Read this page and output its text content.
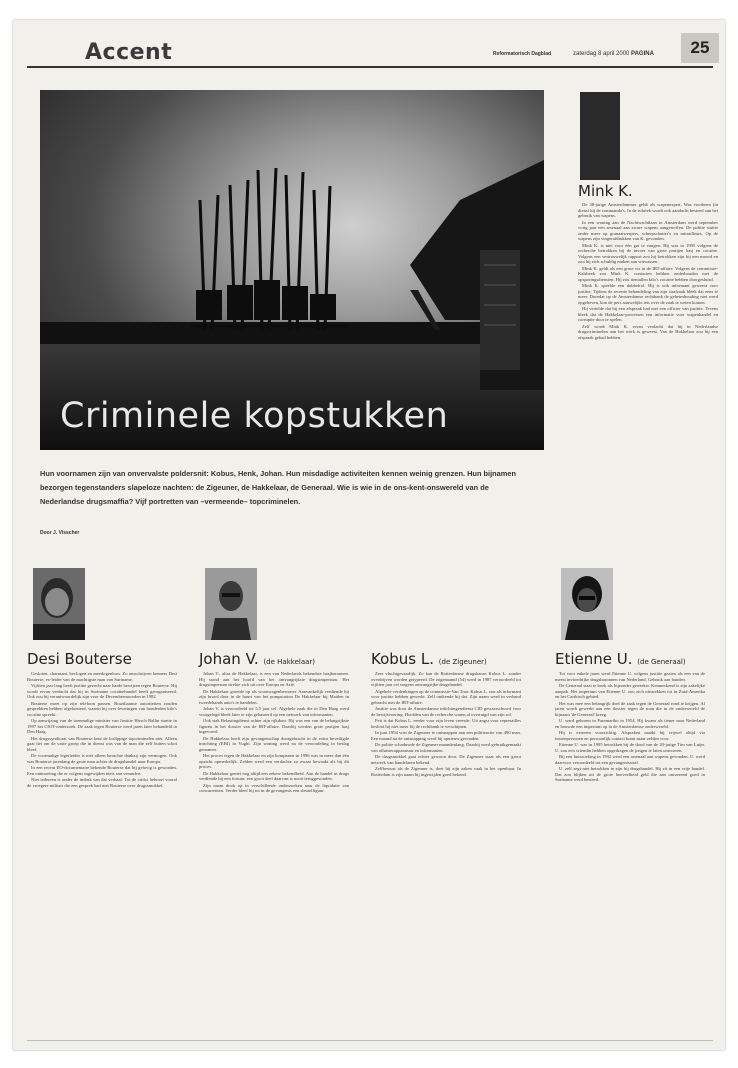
Accent	Reformatorisch Dagblad	zaterdag 8 april 2000 PAGINA	25
Criminele kopstukken
Mink K.

De 38-jarige Amsterdammer geldt als wapenexpert. Was voorheen (in dienst bij de commando's. In de rubriek wordt ook aandacht besteed aan het gebruik van wapens.

In een woning aan de Nachtwachtlaan in Amsterdam werd september vorig jaar een arsenaal aan zware wapens aangetroffen. De politie stuitte onder meer op granaatwerpers, scherpschutter's en mitrailleurs. Op de wapens zijn vingerafdrukken van K. gevonden.

Mink K. is niet voor één gat te vangen. Hij was in 1995 volgens de recherche betrokken bij de invoer van grote partijen hasj en cocaïne. Volgens een vertrouwelijk rapport zou hij betrokken zijn bij een moord en zou hij zich schuldig maken aan witwassen.

Mink K. geldt als een grote vis in de IRT-affaire. Volgens de commissie-Kalsbeek zou Mink K. contacten hebben onderhouden met de opsporingsdiensten. Hij zou tientallen kilo's cocaïne hebben doorgesluisd.

Mink K. speelde een dubbelrol. Hij is ook informant geweest voor justitie. Tijdens de recente behandeling van zijn strafzaak bleek dat eens te meer. Doordat op de Amsterdamse rechtbank de geheimhouding niet werd opgeheven, kon de pers nauwelijks iets over de zaak te weten komen.

Hij vertelde dat hij een afspraak had met een officier van justitie. Tevens bleek dat de Hakkelaar-processen een informatie voor wapenhandel en corruptie door te spelen.

Zelf wordt Mink K. ervan verdacht dat hij in Nederlandse drugscriminelen aan het werk is geweest. Van de Hakkelaar zou hij een afspraak gehad hebben.

Hun voornamen zijn van onvervalste poldersnit: Kobus, Henk, Johan. Hun misdadige activiteiten kennen weinig grenzen. Hun bijnamen bezorgen tegenstanders slapeloze nachten: de Zigeuner, de Hakkelaar, de Generaal. Wie is wie in de ons-kent-onswereld van de Nederlandse drugsmaffia? Vijf portretten van –vermeende– topcriminelen.
Door J. Visscher
Desi Bouterse

Gesloten, charmant, bevlogen en meedogenloos. Zo omschrijven kenners Desi Bouterse, ex-leider van de machtigste man van Suriname.

Vijftien jaar lang heeft justitie gezocht naar harde bewijzen tegen Bouterse. Hij wordt ervan verdacht dat hij in Suriname cocaïnehandel heeft georganiseerd. Ook zou hij verantwoordelijk zijn voor de Decembermoorden in 1982.

Bouterse moet op zijn telefoon passen. Braziliaanse autoriteiten zouden gesprekken hebben afgeluisterd, waarin hij over leveringen van honderden kilo's cocaïne spreekt.

Op aanwijzing van de toenmalige minister van Justitie Hirsch Ballin startte in 1997 het CIOT-onderzoek. De zaak tegen Bouterse werd jaren later behandeld in Den Haag.

Het drugssyndicaat van Bouterse kent de loslippige topcriminelen niet. Alleen gaat het om de vaste groep die in dienst was van de man die zelf buiten schot bleef.

De voormalige legerleider is niet alleen beruchte dankzij zijn vermogen. Ook was Bouterse jarenlang de grote man achter de drugshandel naar Europa.

In een recent EO-documentaire bekende Bouterse dat hij gelovig is geworden. Een ontmoeting die er volgens ingewijden niets aan verandert.

Niet iedereen is onder de indruk van dat verhaal. Tot de critici behoort vooral de vroegere militair die een gesprek had met Bouterse over drugssmokkel.

Johan V. (de Hakkelaar)

Johan V., alias de Hakkelaar, is een van Nederlands bekendste hasjbaronnen. Hij stond aan het hoofd van het omvangrijkste drugsimperium. Het drugsimperium strekte zich uit over Europa en Azië.

De Hakkelaar groeide op als woonwagenbewoner. Aanvankelijk verdiende hij zijn brood door in de buurt van het pompstation De Hakkelaar bij Maiden in tweedehands auto's te handelen.

Johan V. is veroordeeld tot 5,5 jaar cel. Algehele zaak die in Den Haag werd voorgelegd bleek later te zijn gebaseerd op een netwerk van informanten.

Ook stak Belastingdienst achter zijn rijkdom. Hij was een van de belangrijkste figuren in het dossier van de IRT-affaire. Daarbij werden grote partijen hasj ingevoerd.

De Hakkelaar heeft zijn gevangenschap doorgebracht in de extra beveiligde inrichting (EBI) in Vught. Zijn woning werd na de veroordeling in beslag genomen.

Het proces tegen de Hakkelaar en zijn kompanen in 1996 was in meer dan één opzicht opmerkelijk. Zelden werd een verdachte zo zwaar bewaakt als bij dit proces.

De Hakkelaar geniet nog altijd een zekere bekendheid. Aan de handel in drugs verdiende hij een fortuin; een groot deel daarvan is nooit teruggevonden.

Zijn naam dook op in verschillende onderzoeken naar de liquidatie van concurrenten. Verder bleef hij tot in de gevangenis een sleutelfiguur.

Kobus L. (de Zigeuner)

Zeer vluchtgevaarlijk. Zo kan de Rotterdamse drugsbaron Kobus L. zonder overdrijven worden getypeerd. De zogenaamd (54) werd in 1987 veroordeeld tot vijftien jaar cel wegens omvangrijke drugshandel.

Algehele verdenkingen op de commissie-Van Traa: Kobus L. zou als informant voor justitie hebben gewerkt. Zelf ontkende hij dat. Zijn naam werd in verband gebracht met de IRT-affaire.

Justitie was door de Amsterdamse inlichtingendienst CID gewaarschuwd voor de bewijsvoering. Hoofden van de recherche waren al overtuigd van zijn rol.

Feit is dat Kobus L. eerder voor zijn leven vreesde. Uit angst voor represailles besloot hij niet meer bij de rechtbank te verschijnen.

In juni 1994 wist de Zigeuner te ontsnappen aan een politieactie van 490 man. Een maand na de ontsnapping werd hij opnieuw gevonden.

De politie schaduwde de Zigeuner maandenlang. Daarbij werd gebruikgemaakt van afluisterapparatuur en informanten.

De drugsmokkel gaat echter gewoon door. De Zigeuner staat als een groot netwerk van handelaren bekend.

Zelfbewust als de Zigeuner is, doet hij zijn zaken vaak in het openbaar. In Rotterdam is zijn naam bij ingewijden goed bekend.

Etienne U. (de Generaal)

Tot voor enkele jaren werd Etienne U. volgens justitie gezien als een van de meest invloedrijke drugsbaronnen van Nederland. Gebruik aan banden.

De Generaal staat te boek als bijzonder gewiekst. Kenmerkend is zijn zakelijke aanpak. Het imperium van Etienne U. zou zich uitstrekken tot in Zuid-Amerika en het Caribisch gebied.

Het was mee een belangrijk doel de zaak tegen de Generaal rond te krijgen. Al jaren wordt gewerkt aan een dossier tegen de man die in de onderwereld de bijnaam 'de Generaal' kreeg.

U. werd geboren in Paramaribo in 1954. Hij kwam als tiener naar Nederland en bouwde een imperium op in de Amsterdamse onderwereld.

Hij is extreem voorzichtig. Afspraken maakt hij vrijwel altijd via tussenpersonen en persoonlijk contact komt maar zelden voor.

Etienne U. was in 1995 betrokken bij de dood van de 20-jarige Tim van Luijn. U. zou een vriendin hebben opgedragen de jongen te laten ontvoeren.

Bij een huiszoeking in 1992 werd een arsenaal aan wapens gevonden. U. werd daarvoor veroordeeld tot een gevangenisstraf.

U. zelf zegt niet betrokken te zijn bij drugshandel. Hij zit in een vrije handel. Dat zou blijken uit de grote hoeveelheid geld die aan onroerend goed in Suriname werd besteed.
